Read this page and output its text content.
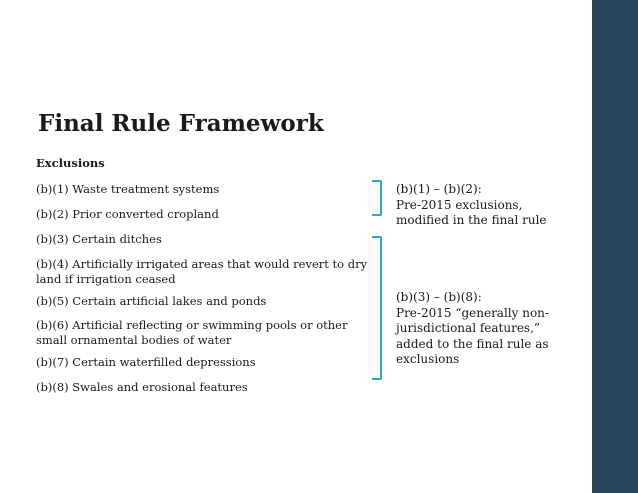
Final Rule Framework
Exclusions
(b)(1) Waste treatment systems
(b)(2) Prior converted cropland
(b)(3) Certain ditches
(b)(4) Artificially irrigated areas that would revert to dry land if irrigation ceased
(b)(5) Certain artificial lakes and ponds
(b)(6) Artificial reflecting or swimming pools or other small ornamental bodies of water
(b)(7) Certain waterfilled depressions
(b)(8) Swales and erosional features
(b)(1) – (b)(2):
Pre-2015 exclusions, modified in the final rule
(b)(3) – (b)(8):
Pre-2015 “generally non-jurisdictional features,” added to the final rule as exclusions
